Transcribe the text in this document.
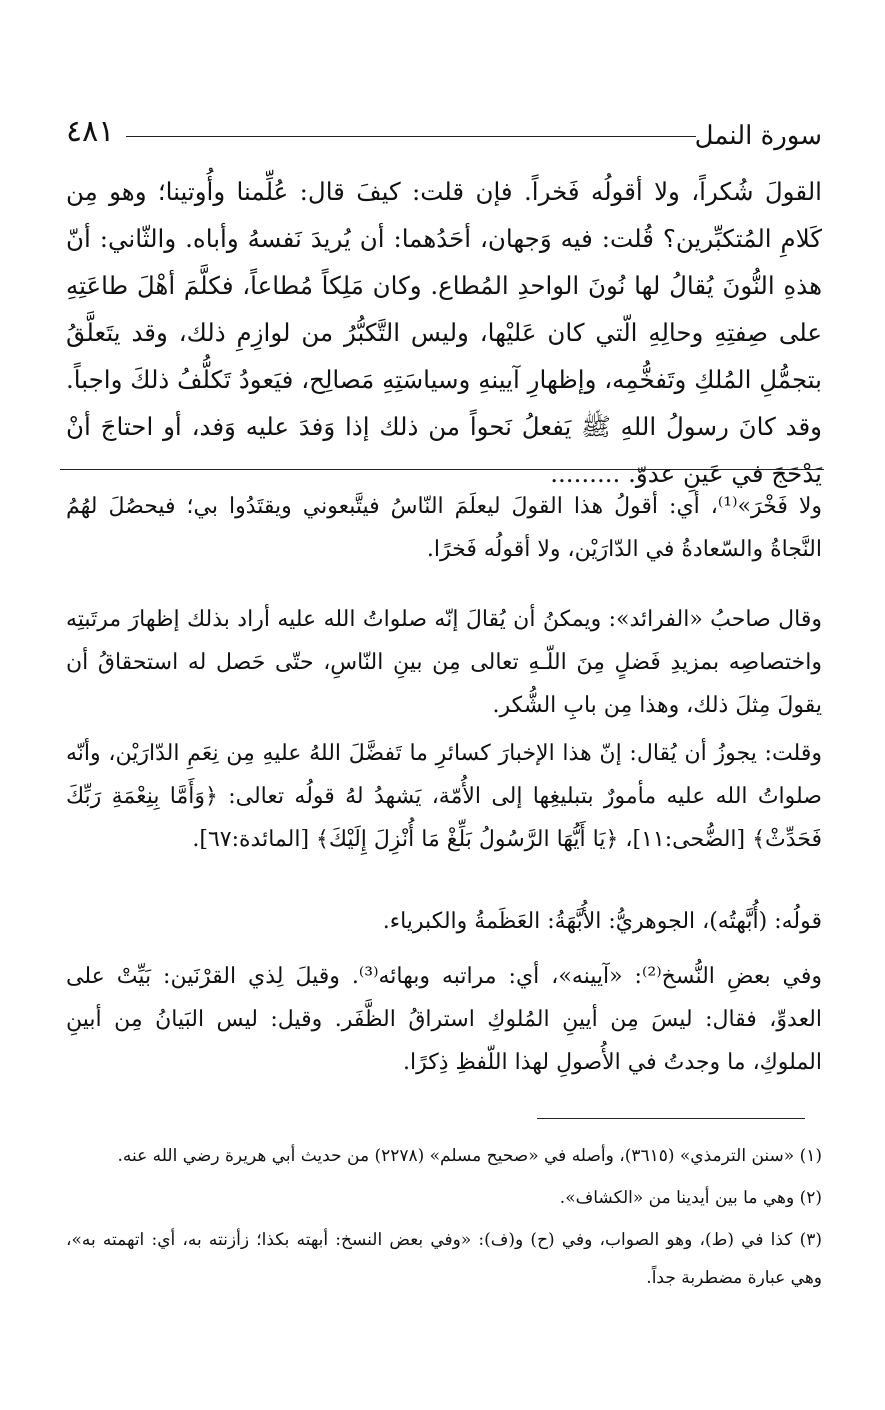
٤٨١	سورة النمل
القولَ شُكراً، ولا أقولُه فَخراً. فإن قلت: كيفَ قال: عُلِّمنا وأُوتينا؛ وهو مِن كَلامِ المُتكبِّرين؟ قُلت: فيه وَجهان، أحَدُهما: أن يُريدَ نَفسهُ وأباه. والثّاني: أنّ هذهِ النُّونَ يُقالُ لها نُونَ الواحدِ المُطاع. وكان مَلِكاً مُطاعاً، فكلَّمَ أهْلَ طاعَتِهِ على صِفتِهِ وحالِهِ الّتي كان عَليْها، وليس التَّكبُّرُ من لوازِمِ ذلك، وقد يتَعلَّقُ بتجمُّلِ المُلكِ وتَفخُّمِه، وإظهارِ آيينهِ وسياسَتِهِ مَصالِح، فيَعودُ تَكلُّفُ ذلكَ واجباً. وقد كانَ رسولُ اللهِ ﷺ يَفعلُ نَحواً من ذلك إذا وَفدَ عليه وَفد، أو احتاجَ أنْ يَدْحَجَ في عَينِ عدوّ. .........
ولا فَخْرَ»⁽¹⁾، أي: أقولُ هذا القولَ ليعلَمَ النّاسُ فيتَّبعوني ويقتَدُوا بي؛ فيحصُلَ لهُمُ النَّجاةُ والسّعادةُ في الدّارَيْن، ولا أقولُه فَخرًا.
وقال صاحبُ «الفرائد»: ويمكنُ أن يُقالَ إنّه صلواتُ الله عليه أراد بذلك إظهارَ مرتَبتِه واختصاصِه بمزيدِ فَضلٍ مِنَ اللّـهِ تعالى مِن بينِ النّاسِ، حتّى حَصل له استحقاقُ أن يقولَ مِثلَ ذلك، وهذا مِن بابِ الشُّكر.
وقلت: يجوزُ أن يُقال: إنّ هذا الإخبارَ كسائرِ ما تَفضَّلَ اللهُ عليهِ مِن نِعَمِ الدّارَيْن، وأنّه صلواتُ الله عليه مأمورٌ بتبليغِها إلى الأُمّة، يَشهدُ لهُ قولُه تعالى: ﴿وَأَمَّا بِنِعْمَةِ رَبِّكَ فَحَدِّثْ﴾ [الضُّحى:١١]، ﴿يَا أَيُّهَا الرَّسُولُ بَلِّغْ مَا أُنْزِلَ إِلَيْكَ﴾ [المائدة:٦٧].
قولُه: (أُبَّهتُه)، الجوهريُّ: الأُبَّهَةُ: العَظَمةُ والكبرياء.
وفي بعضِ النُّسخ⁽²⁾: «آيينه»، أي: مراتبه وبهائه⁽³⁾. وقيلَ لِذي القرْنَين: بَيِّتْ على العدوِّ، فقال: ليسَ مِن أيينِ المُلوكِ استراقُ الظَّفَر. وقيل: ليس البَيانُ مِن أبينِ الملوكِ، ما وجدتُ في الأُصولِ لهذا اللّفظِ ذِكرًا.
(١) «سنن الترمذي» (٣٦١٥)، وأصله في «صحيح مسلم» (٢٢٧٨) من حديث أبي هريرة رضي الله عنه.
(٢) وهي ما بين أيدينا من «الكشاف».
(٣) كذا في (ط)، وهو الصواب، وفي (ح) و(ف): «وفي بعض النسخ: أبهته بكذا؛ زأزنته به، أي: اتهمته به»، وهي عبارة مضطربة جداً.
